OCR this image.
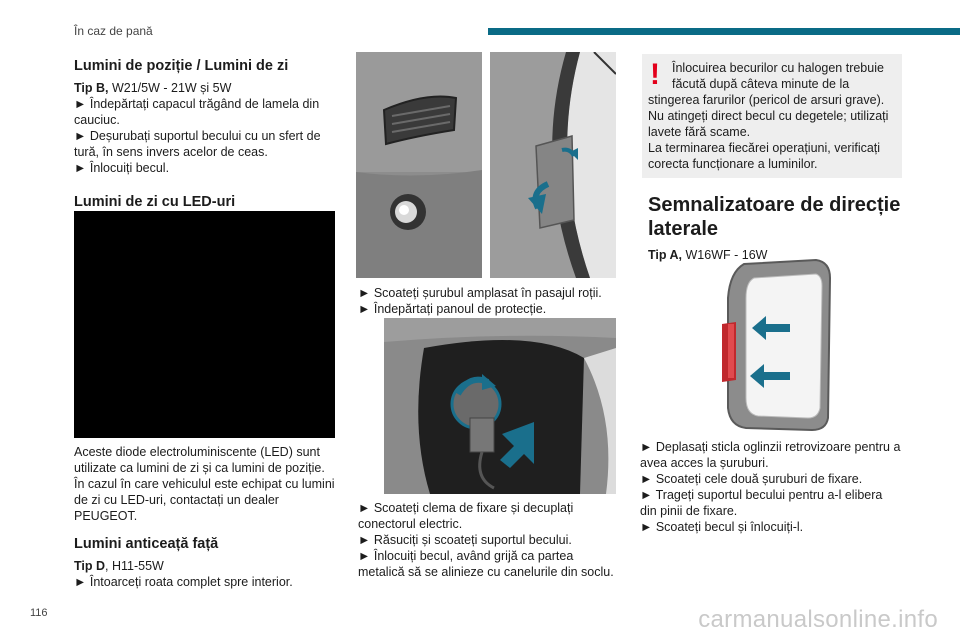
În caz de pană
Lumini de poziție / Lumini de zi

Tip B, W21/5W - 21W și 5W

► Îndepărtați capacul trăgând de lamela din cauciuc.

► Deșurubați suportul becului cu un sfert de tură, în sens invers acelor de ceas.

► Înlocuiți becul.

Lumini de zi cu LED-uri

Aceste diode electroluminiscente (LED) sunt utilizate ca lumini de zi și ca lumini de poziție.

În cazul în care vehiculul este echipat cu lumini de zi cu LED-uri, contactați un dealer PEUGEOT.

Lumini anticeață față

Tip D, H11-55W

► Întoarceți roata complet spre interior.

► Scoateți șurubul amplasat în pasajul roții.

► Îndepărtați panoul de protecție.

► Scoateți clema de fixare și decuplați conectorul electric.

► Răsuciți și scoateți suportul becului.

► Înlocuiți becul, având grijă ca partea metalică să se alinieze cu canelurile din soclu.

! Înlocuirea becurilor cu halogen trebuie

făcută după câteva minute de la

stingerea farurilor (pericol de arsuri grave).

Nu atingeți direct becul cu degetele; utilizați lavete fără scame.

La terminarea fiecărei operațiuni, verificați corecta funcționare a luminilor.

Semnalizatoare de direcție laterale

Tip A, W16WF - 16W

► Deplasați sticla oglinzii retrovizoare pentru a avea acces la șuruburi.

► Scoateți cele două șuruburi de fixare.

► Trageți suportul becului pentru a-l elibera din pinii de fixare.

► Scoateți becul și înlocuiți-l.

116	carmanualsonline.info
